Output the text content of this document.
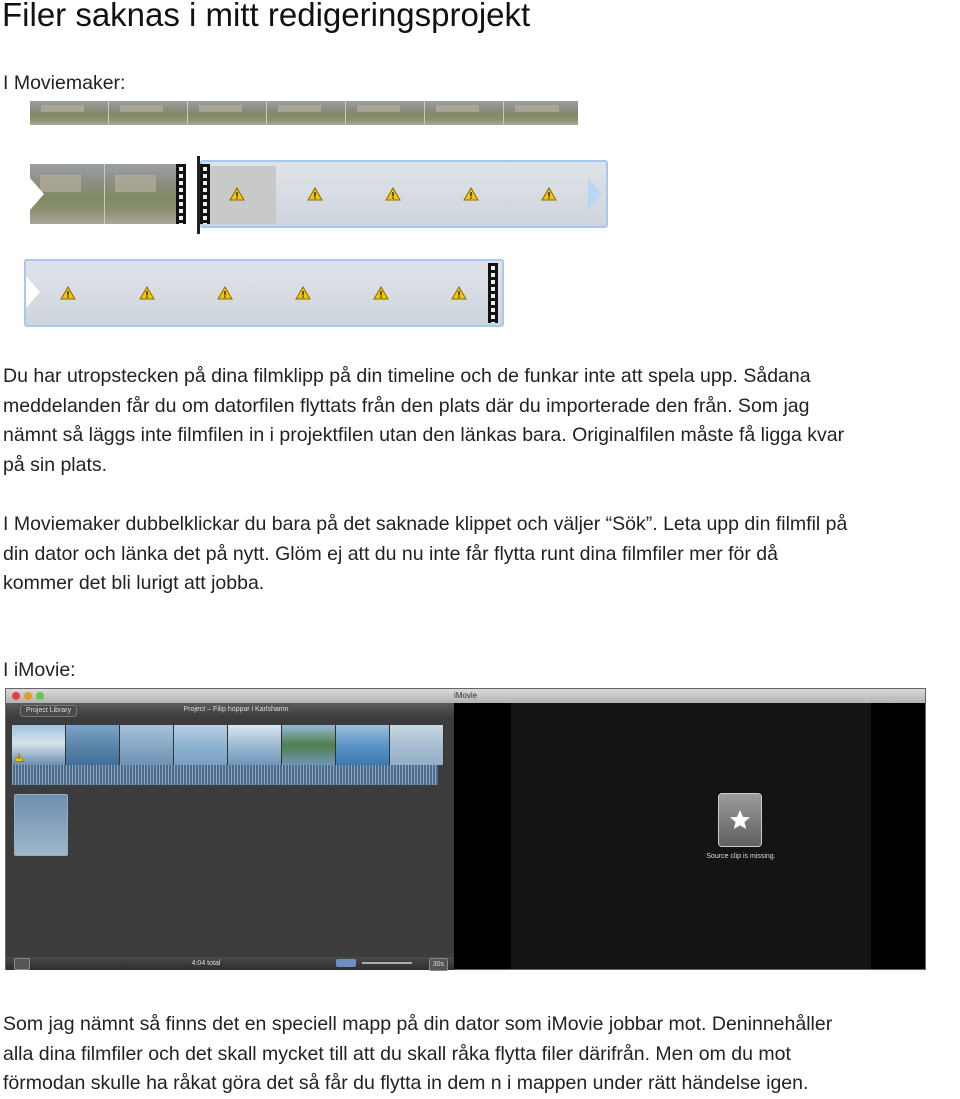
Filer saknas i mitt redigeringsprojekt

I Moviemaker:

Du har utropstecken på dina filmklipp på din timeline och de funkar inte att spela upp. Sådana
meddelanden får du om datorfilen flyttats från den plats där du importerade den från. Som jag
nämnt så läggs inte filmfilen in i projektfilen utan den länkas bara. Originalfilen måste få ligga kvar
på sin plats.
I Moviemaker dubbelklickar du bara på det saknade klippet och väljer “Sök”. Leta upp din filmfil på
din dator och länka det på nytt. Glöm ej att du nu inte får flytta runt dina filmfiler mer för då
kommer det bli lurigt att jobba.

I iMovie:

iMovie
Project Library	Project – Filip hoppar i Karlshamn
4:04 total	30s
Source clip is missing.
Som jag nämnt så finns det en speciell mapp på din dator som iMovie jobbar mot. Deninnehåller
alla dina filmfiler och det skall mycket till att du skall råka flytta filer därifrån. Men om du mot
förmodan skulle ha råkat göra det så får du flytta in dem n i mappen under rätt händelse igen.
